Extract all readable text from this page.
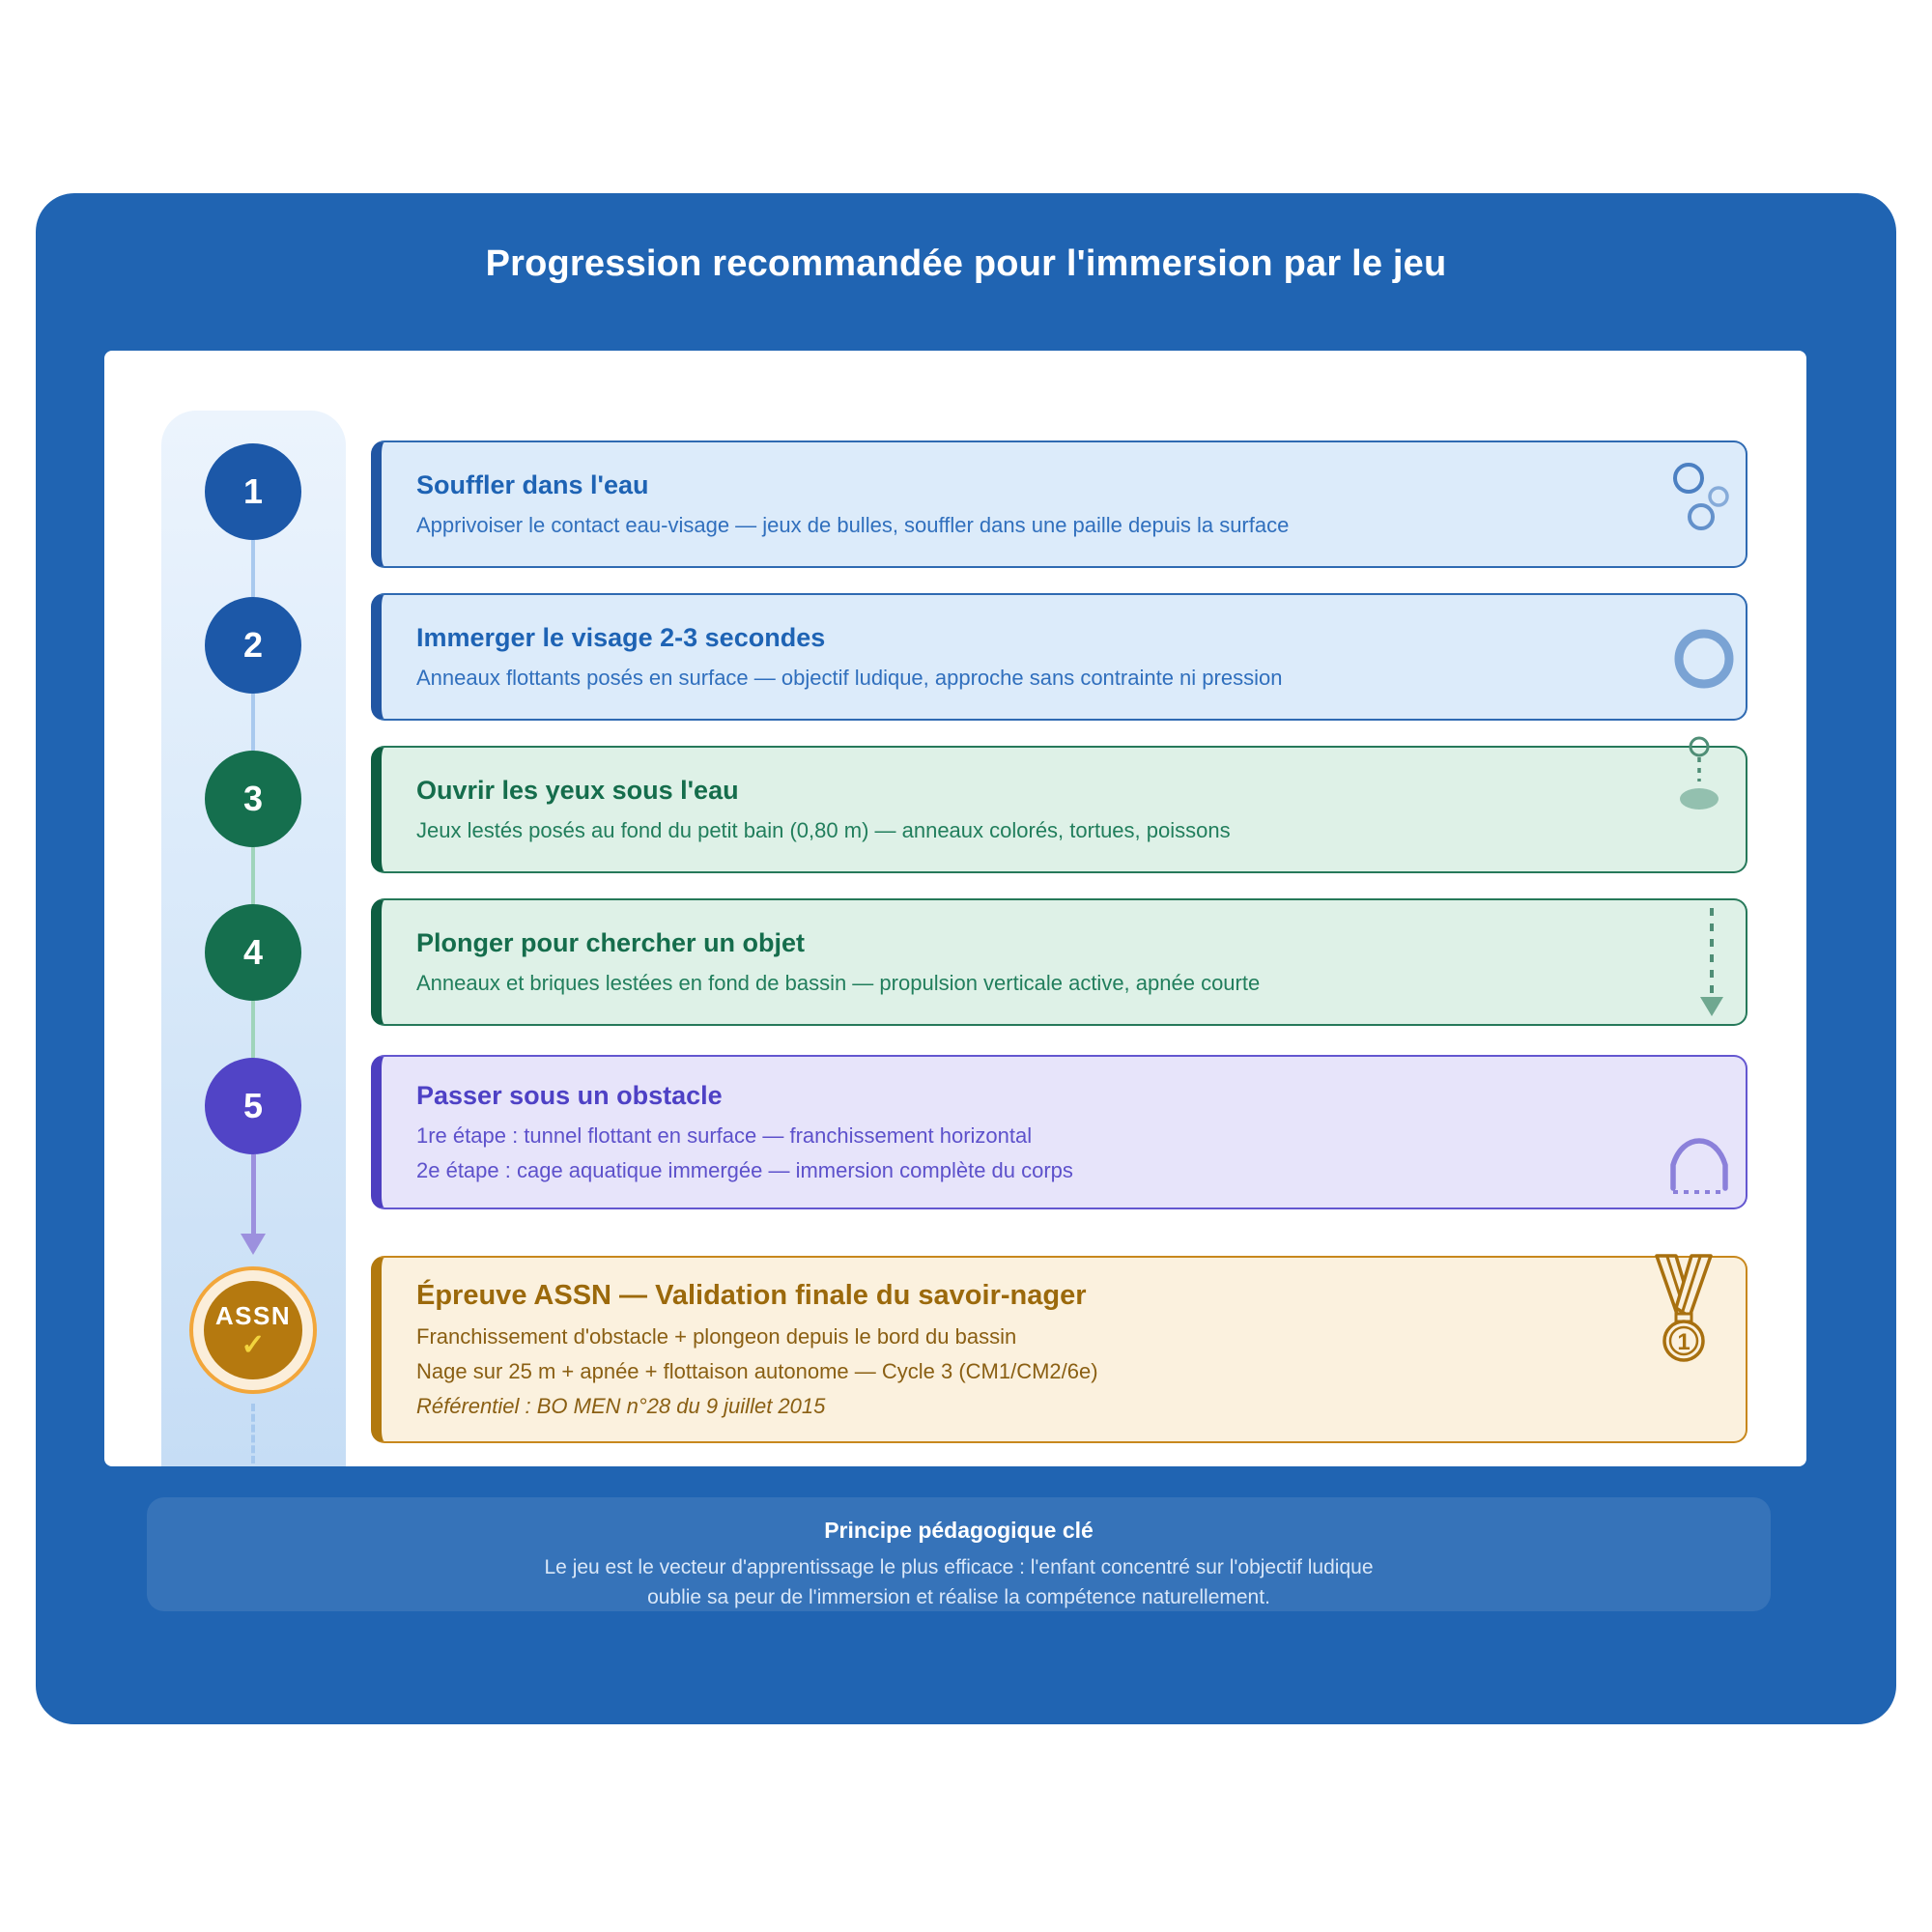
Progression recommandée pour l'immersion par le jeu
1
2
3
4
5
ASSN
✓
Souffler dans l'eau
Apprivoiser le contact eau-visage — jeux de bulles, souffler dans une paille depuis la surface
Immerger le visage 2-3 secondes
Anneaux flottants posés en surface — objectif ludique, approche sans contrainte ni pression
Ouvrir les yeux sous l'eau
Jeux lestés posés au fond du petit bain (0,80 m) — anneaux colorés, tortues, poissons
Plonger pour chercher un objet
Anneaux et briques lestées en fond de bassin — propulsion verticale active, apnée courte
Passer sous un obstacle
1re étape : tunnel flottant en surface — franchissement horizontal
2e étape : cage aquatique immergée — immersion complète du corps
Épreuve ASSN — Validation finale du savoir-nager
Franchissement d'obstacle + plongeon depuis le bord du bassin
Nage sur 25 m + apnée + flottaison autonome — Cycle 3 (CM1/CM2/6e)
Référentiel : BO MEN n°28 du 9 juillet 2015
1
Principe pédagogique clé
Le jeu est le vecteur d'apprentissage le plus efficace : l'enfant concentré sur l'objectif ludique
oublie sa peur de l'immersion et réalise la compétence naturellement.
